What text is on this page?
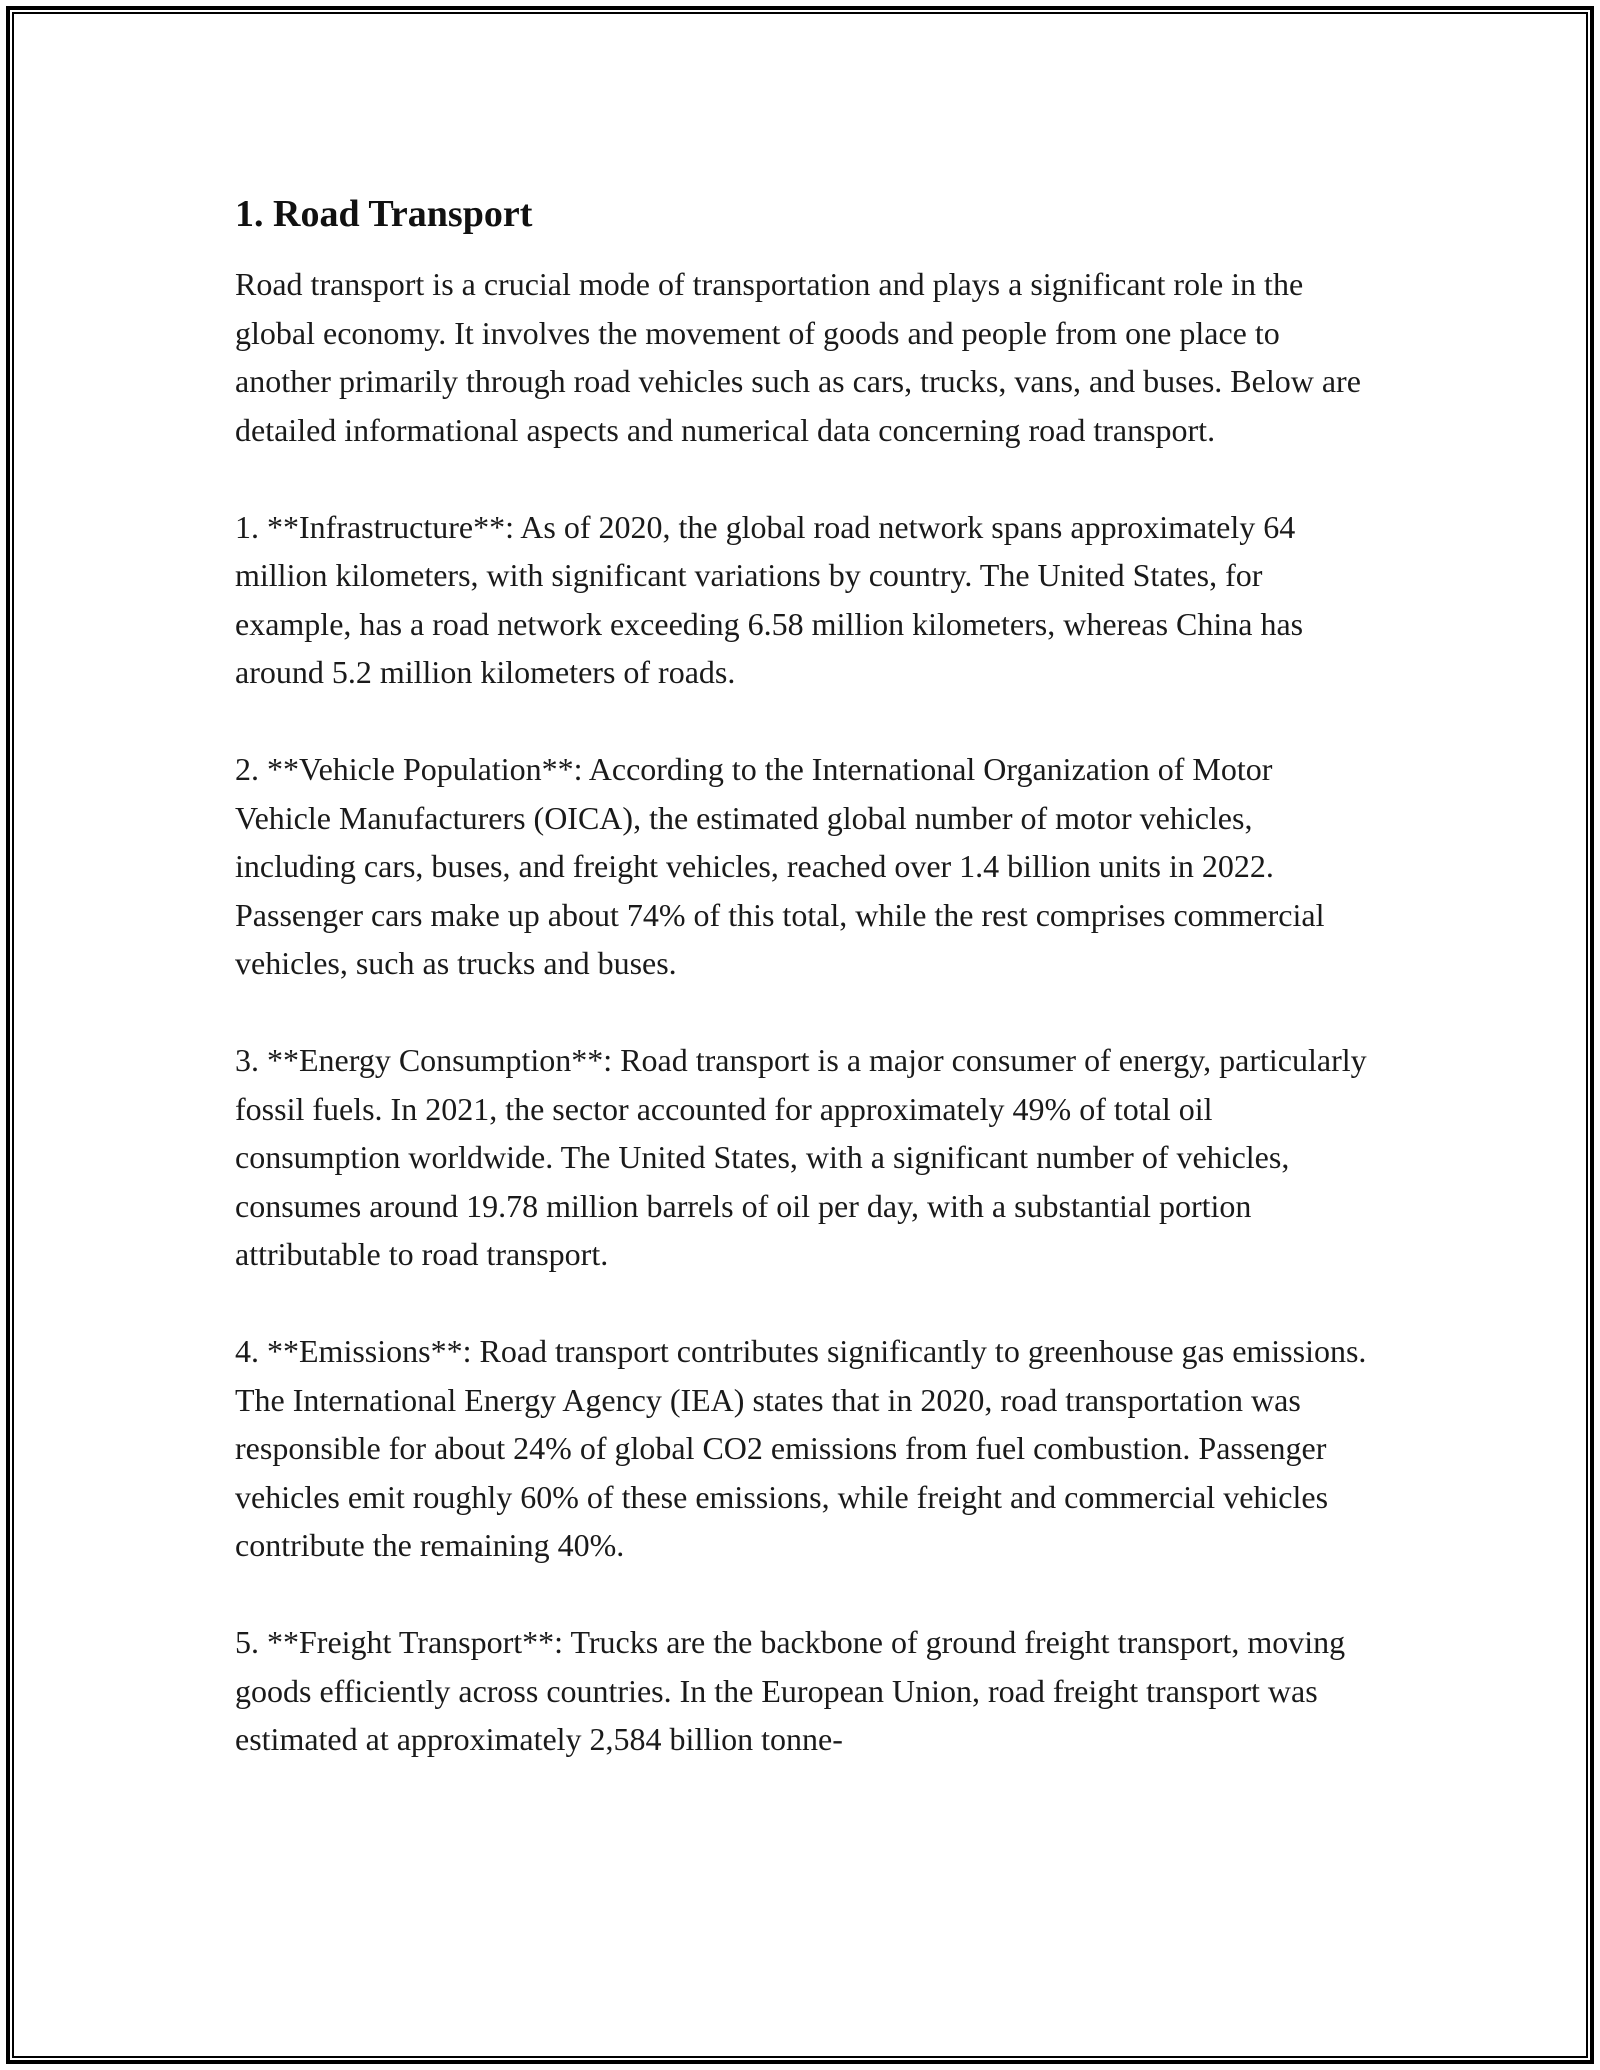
1. Road Transport

Road transport is a crucial mode of transportation and plays a significant role in the global economy. It involves the movement of goods and people from one place to another primarily through road vehicles such as cars, trucks, vans, and buses. Below are detailed informational aspects and numerical data concerning road transport.

1. **Infrastructure**: As of 2020, the global road network spans approximately 64 million kilometers, with significant variations by country. The United States, for example, has a road network exceeding 6.58 million kilometers, whereas China has around 5.2 million kilometers of roads.

2. **Vehicle Population**: According to the International Organization of Motor Vehicle Manufacturers (OICA), the estimated global number of motor vehicles, including cars, buses, and freight vehicles, reached over 1.4 billion units in 2022. Passenger cars make up about 74% of this total, while the rest comprises commercial vehicles, such as trucks and buses.

3. **Energy Consumption**: Road transport is a major consumer of energy, particularly fossil fuels. In 2021, the sector accounted for approximately 49% of total oil consumption worldwide. The United States, with a significant number of vehicles, consumes around 19.78 million barrels of oil per day, with a substantial portion attributable to road transport.

4. **Emissions**: Road transport contributes significantly to greenhouse gas emissions. The International Energy Agency (IEA) states that in 2020, road transportation was responsible for about 24% of global CO2 emissions from fuel combustion. Passenger vehicles emit roughly 60% of these emissions, while freight and commercial vehicles contribute the remaining 40%.

5. **Freight Transport**: Trucks are the backbone of ground freight transport, moving goods efficiently across countries. In the European Union, road freight transport was estimated at approximately 2,584 billion tonne-
